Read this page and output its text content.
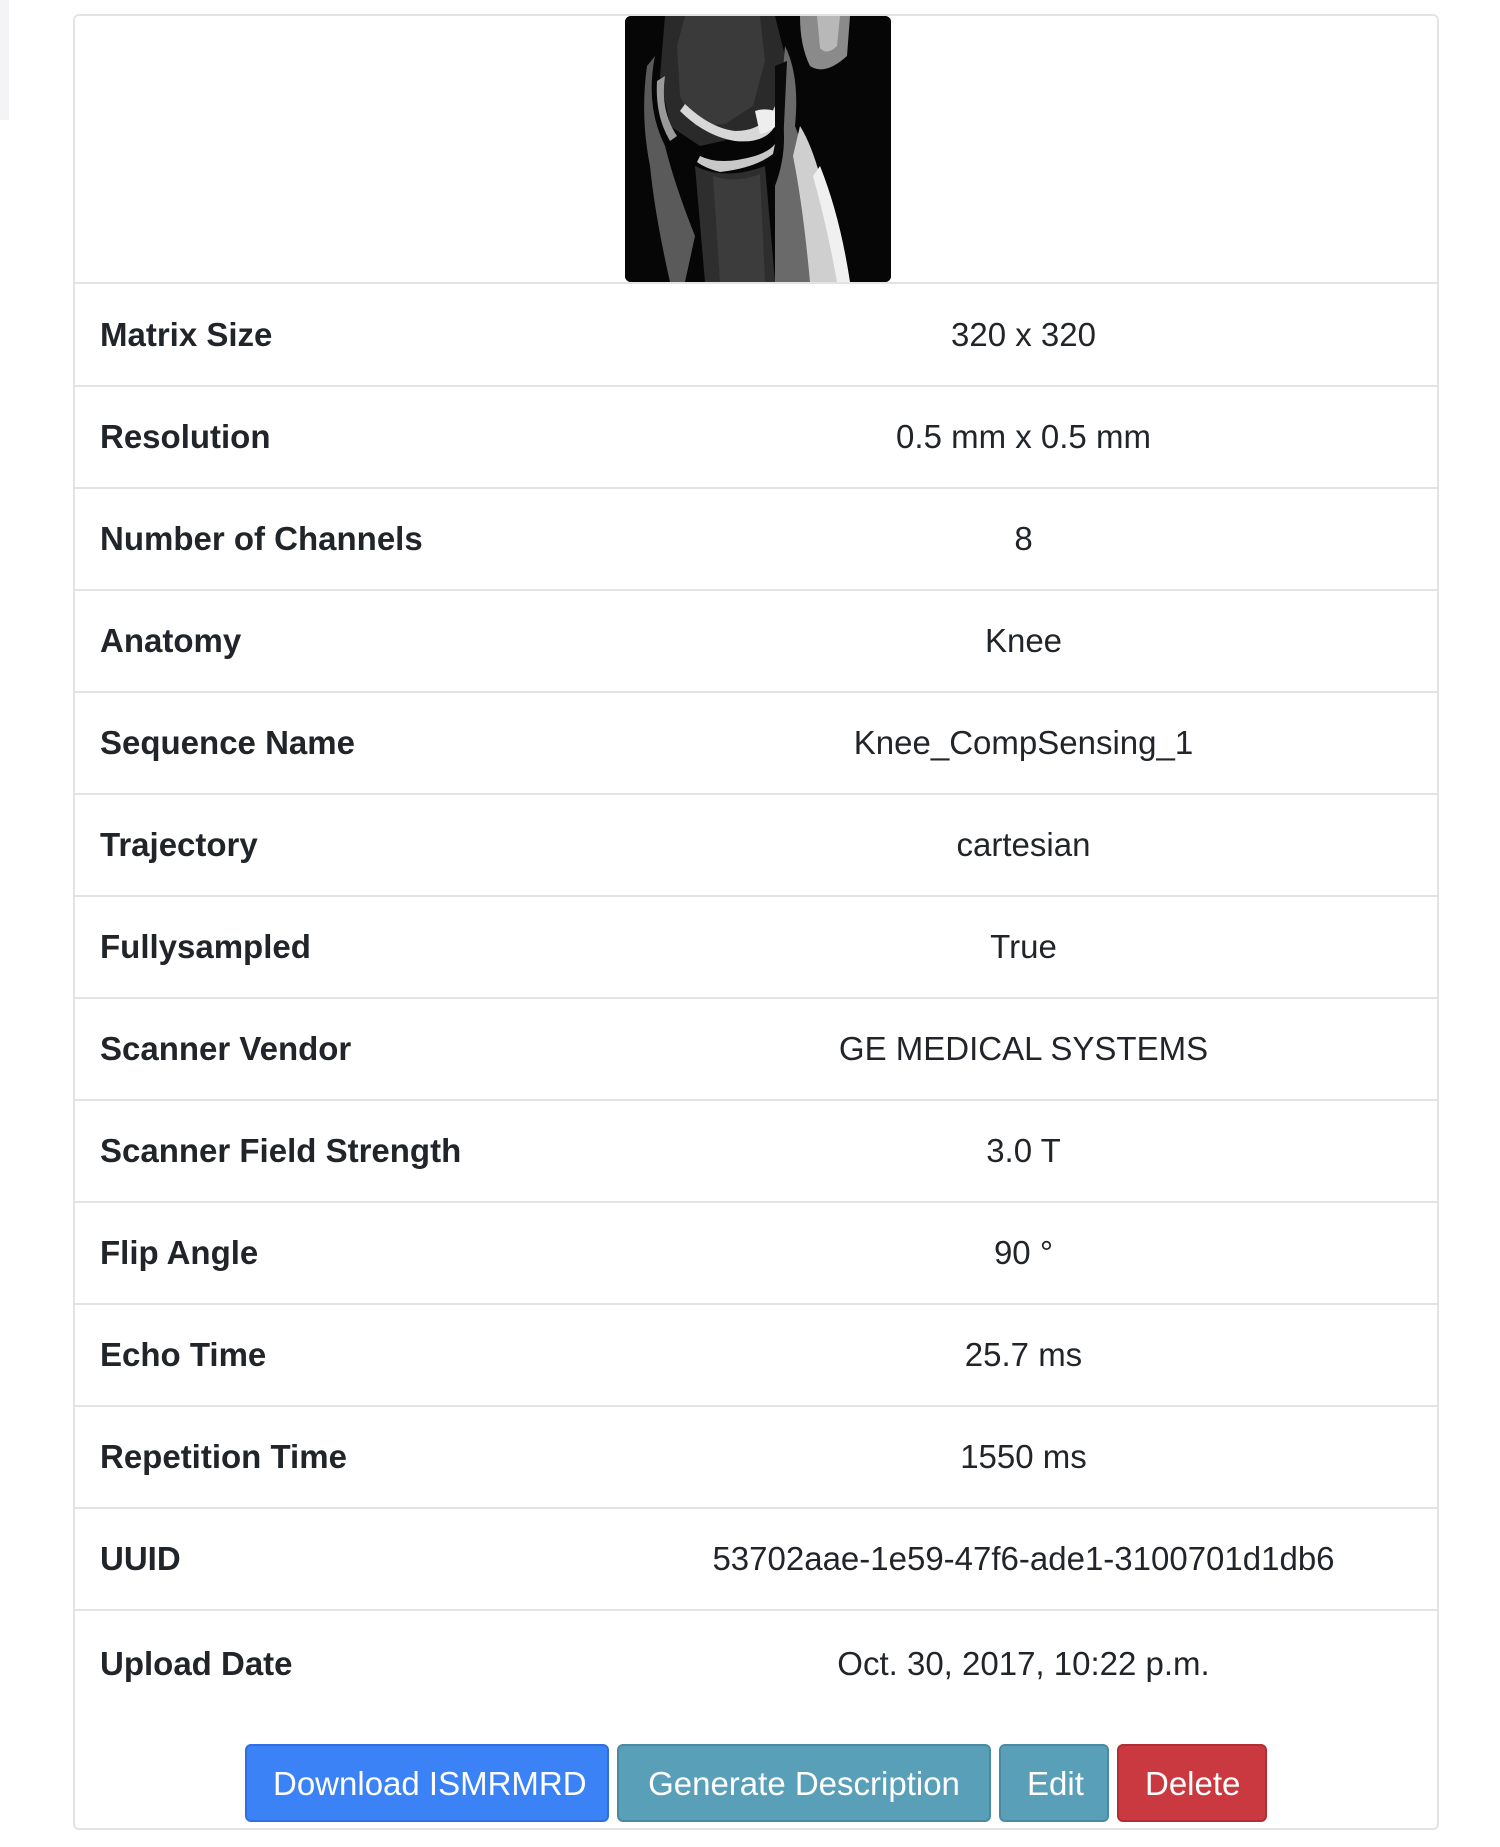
Matrix Size	320 x 320
Resolution	0.5 mm x 0.5 mm
Number of Channels	8
Anatomy	Knee
Sequence Name	Knee_CompSensing_1
Trajectory	cartesian
Fullysampled	True
Scanner Vendor	GE MEDICAL SYSTEMS
Scanner Field Strength	3.0 T
Flip Angle	90 °
Echo Time	25.7 ms
Repetition Time	1550 ms
UUID	53702aae-1e59-47f6-ade1-3100701d1db6
Upload Date	Oct. 30, 2017, 10:22 p.m.
Download ISMRMRD Generate Description Edit Delete
